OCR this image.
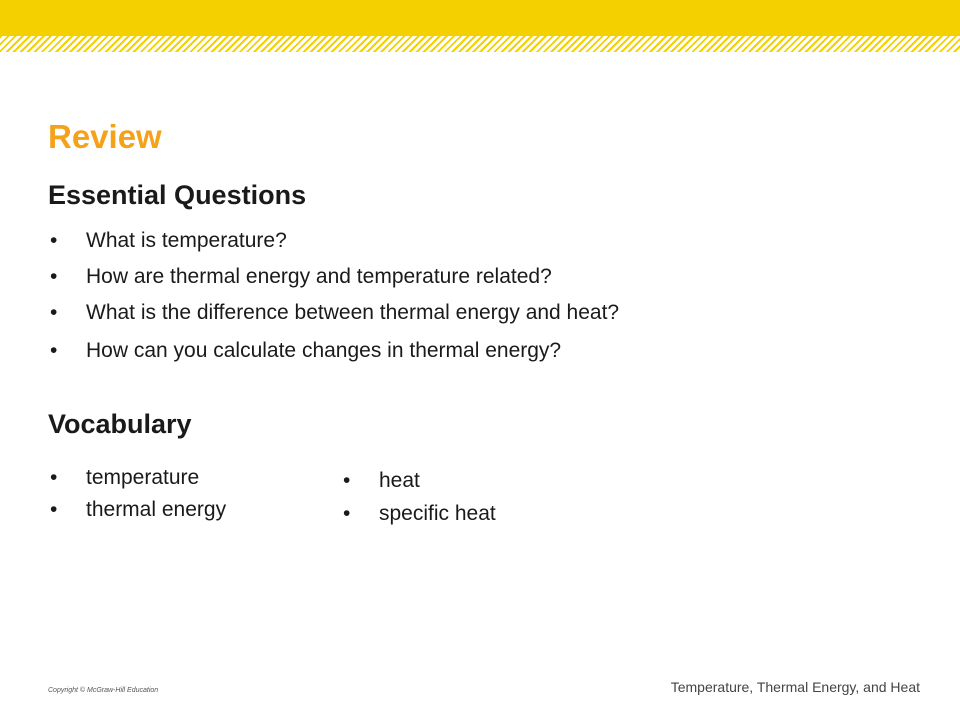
Review
Essential Questions
• What is temperature?
• How are thermal energy and temperature related?
• What is the difference between thermal energy and heat?
• How can you calculate changes in thermal energy?
Vocabulary
• temperature
• thermal energy
• heat
• specific heat
Copyright © McGraw-Hill Education	Temperature, Thermal Energy, and Heat
